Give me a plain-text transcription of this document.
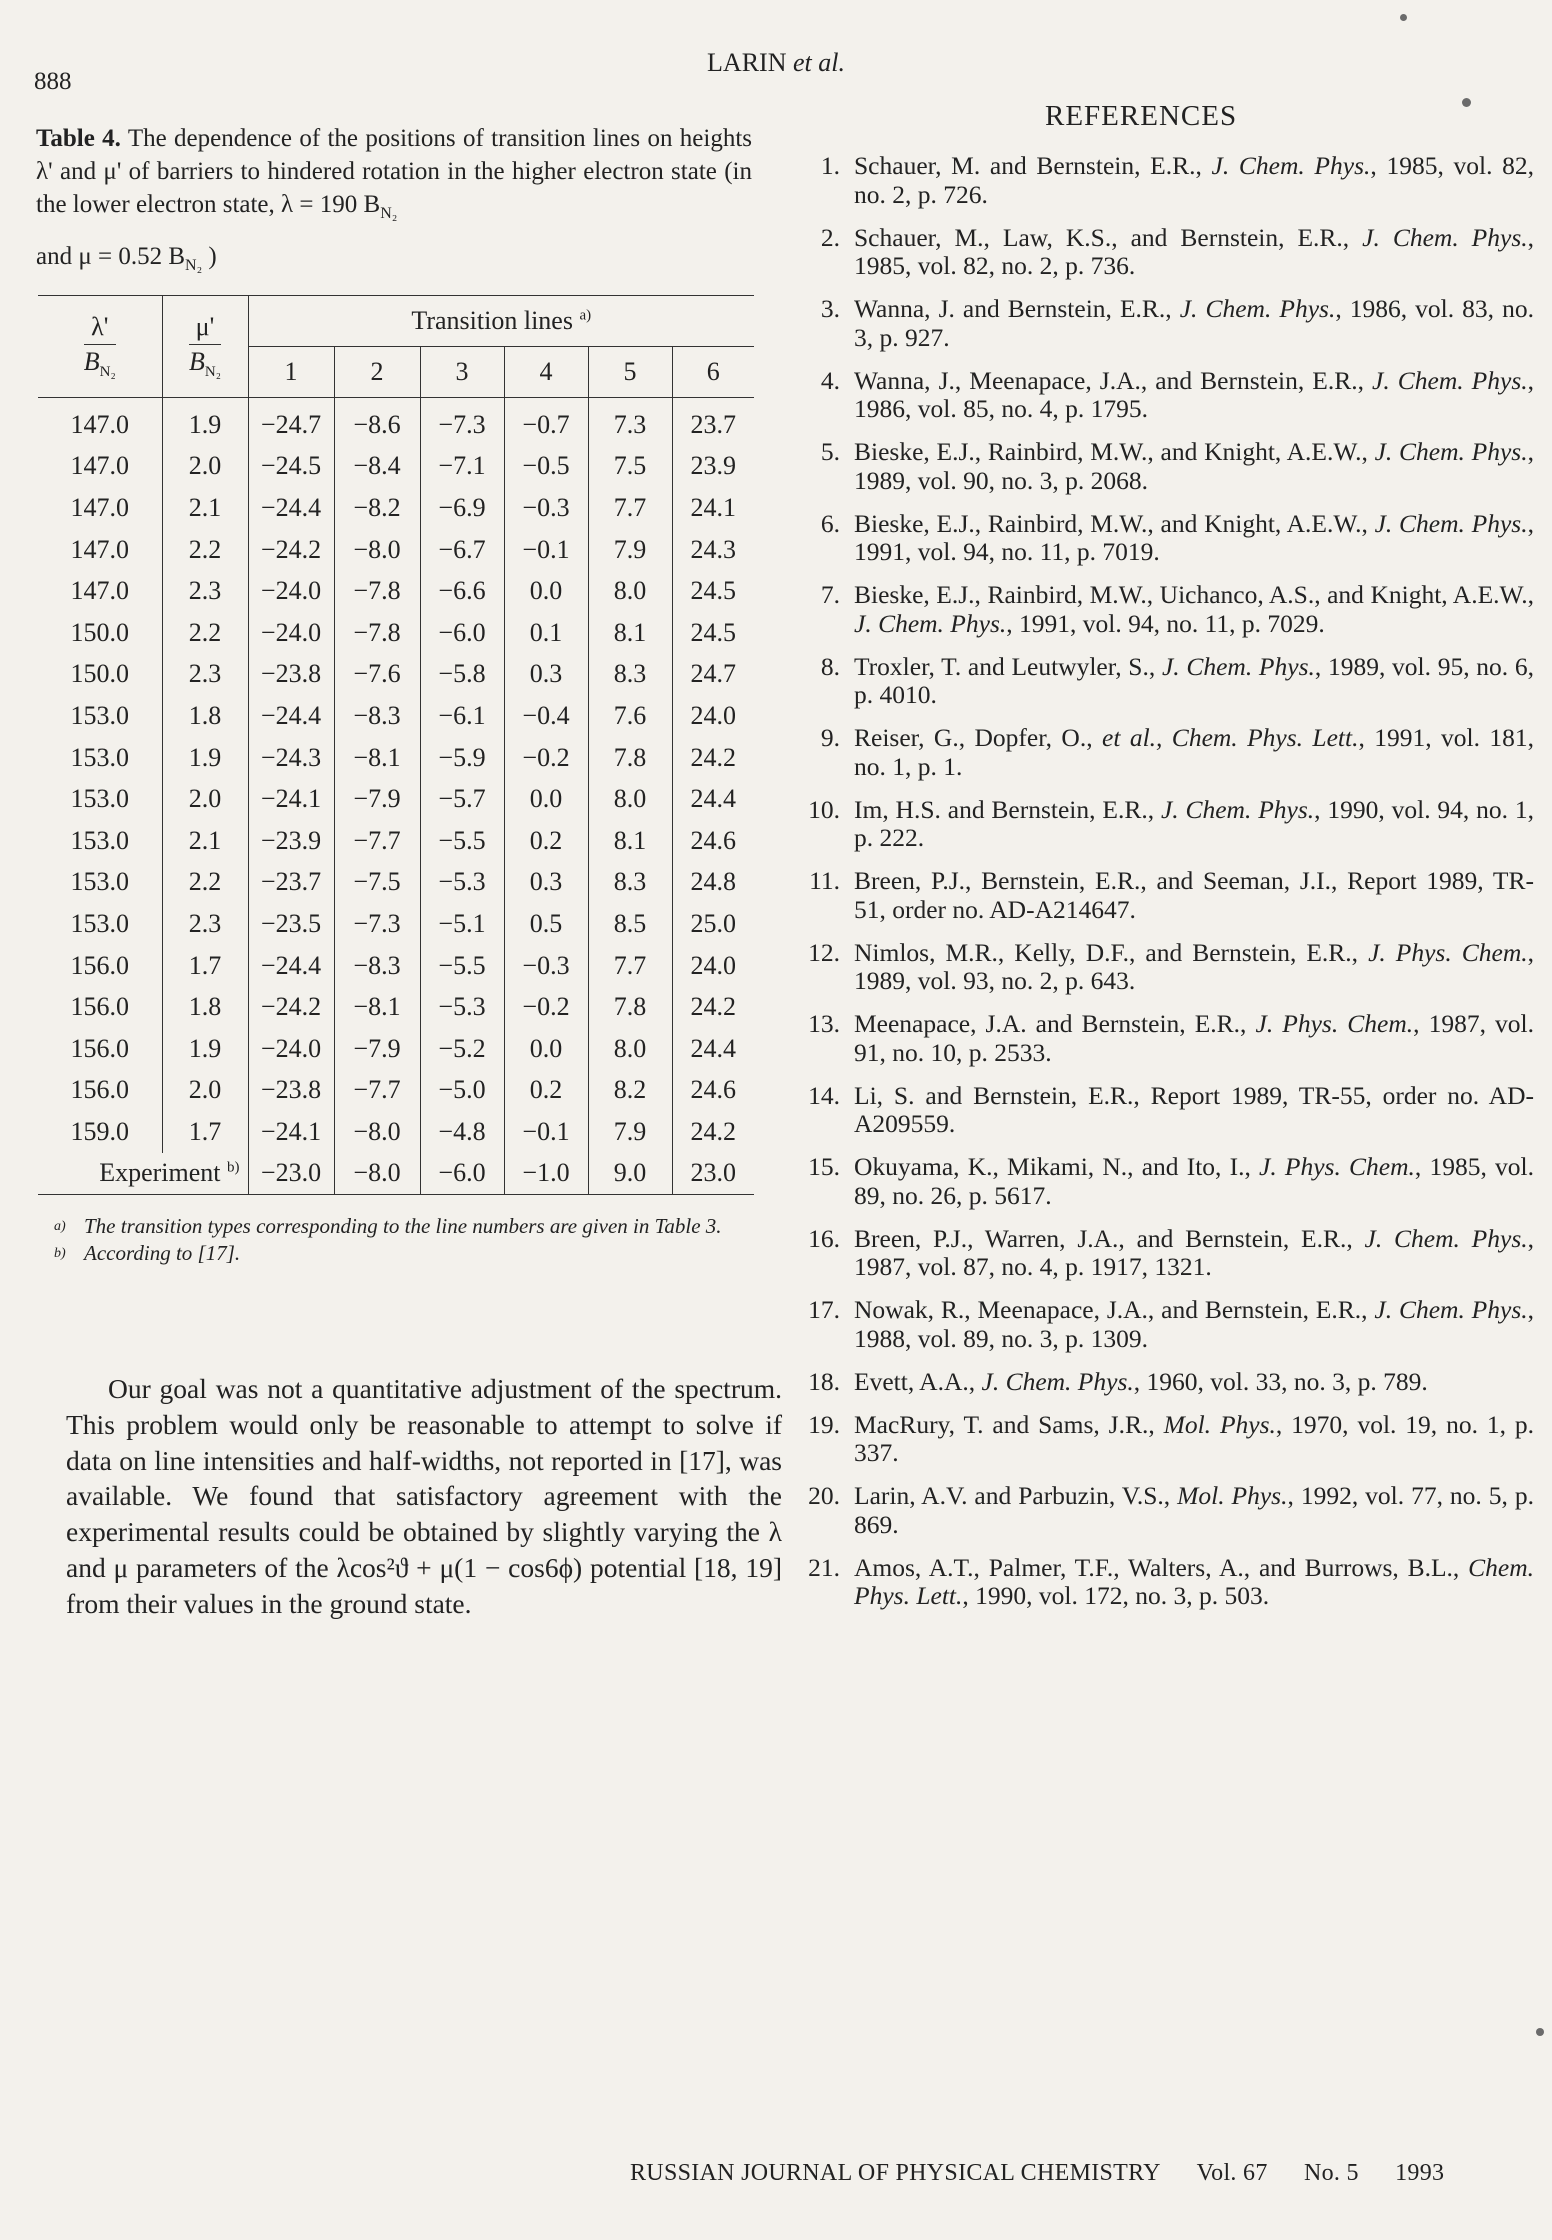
888
LARIN et al.
Table 4. The dependence of the positions of transition lines on heights λ' and μ' of barriers to hindered rotation in the higher electron state (in the lower electron state, λ = 190 $B_{N_2}$
and μ = 0.52 $B_{N_2}$ )
$\frac{\lambda'}{B_{N_2}}$	$\frac{\mu'}{B_{N_2}}$	Transition lines $^{a)}$
		1	2	3	4	5	6
147.0	1.9	−24.7	−8.6	−7.3	−0.7	7.3	23.7
147.0	2.0	−24.5	−8.4	−7.1	−0.5	7.5	23.9
147.0	2.1	−24.4	−8.2	−6.9	−0.3	7.7	24.1
147.0	2.2	−24.2	−8.0	−6.7	−0.1	7.9	24.3
147.0	2.3	−24.0	−7.8	−6.6	0.0	8.0	24.5
150.0	2.2	−24.0	−7.8	−6.0	0.1	8.1	24.5
150.0	2.3	−23.8	−7.6	−5.8	0.3	8.3	24.7
153.0	1.8	−24.4	−8.3	−6.1	−0.4	7.6	24.0
153.0	1.9	−24.3	−8.1	−5.9	−0.2	7.8	24.2
153.0	2.0	−24.1	−7.9	−5.7	0.0	8.0	24.4
153.0	2.1	−23.9	−7.7	−5.5	0.2	8.1	24.6
153.0	2.2	−23.7	−7.5	−5.3	0.3	8.3	24.8
153.0	2.3	−23.5	−7.3	−5.1	0.5	8.5	25.0
156.0	1.7	−24.4	−8.3	−5.5	−0.3	7.7	24.0
156.0	1.8	−24.2	−8.1	−5.3	−0.2	7.8	24.2
156.0	1.9	−24.0	−7.9	−5.2	0.0	8.0	24.4
156.0	2.0	−23.8	−7.7	−5.0	0.2	8.2	24.6
159.0	1.7	−24.1	−8.0	−4.8	−0.1	7.9	24.2
Experiment $^{b)}$		−23.0	−8.0	−6.0	−1.0	9.0	23.0
a) The transition types corresponding to the line numbers are given in Table 3.
b) According to [17].
Our goal was not a quantitative adjustment of the spectrum. This problem would only be reasonable to attempt to solve if data on line intensities and half-widths, not reported in [17], was available. We found that satisfactory agreement with the experimental results could be obtained by slightly varying the λ and μ parameters of the λcos²ϑ + μ(1 − cos6ϕ) potential [18, 19] from their values in the ground state.
REFERENCES
1. Schauer, M. and Bernstein, E.R., J. Chem. Phys., 1985, vol. 82, no. 2, p. 726.
2. Schauer, M., Law, K.S., and Bernstein, E.R., J. Chem. Phys., 1985, vol. 82, no. 2, p. 736.
3. Wanna, J. and Bernstein, E.R., J. Chem. Phys., 1986, vol. 83, no. 3, p. 927.
4. Wanna, J., Meenapace, J.A., and Bernstein, E.R., J. Chem. Phys., 1986, vol. 85, no. 4, p. 1795.
5. Bieske, E.J., Rainbird, M.W., and Knight, A.E.W., J. Chem. Phys., 1989, vol. 90, no. 3, p. 2068.
6. Bieske, E.J., Rainbird, M.W., and Knight, A.E.W., J. Chem. Phys., 1991, vol. 94, no. 11, p. 7019.
7. Bieske, E.J., Rainbird, M.W., Uichanco, A.S., and Knight, A.E.W., J. Chem. Phys., 1991, vol. 94, no. 11, p. 7029.
8. Troxler, T. and Leutwyler, S., J. Chem. Phys., 1989, vol. 95, no. 6, p. 4010.
9. Reiser, G., Dopfer, O., et al., Chem. Phys. Lett., 1991, vol. 181, no. 1, p. 1.
10. Im, H.S. and Bernstein, E.R., J. Chem. Phys., 1990, vol. 94, no. 1, p. 222.
11. Breen, P.J., Bernstein, E.R., and Seeman, J.I., Report 1989, TR-51, order no. AD-A214647.
12. Nimlos, M.R., Kelly, D.F., and Bernstein, E.R., J. Phys. Chem., 1989, vol. 93, no. 2, p. 643.
13. Meenapace, J.A. and Bernstein, E.R., J. Phys. Chem., 1987, vol. 91, no. 10, p. 2533.
14. Li, S. and Bernstein, E.R., Report 1989, TR-55, order no. AD-A209559.
15. Okuyama, K., Mikami, N., and Ito, I., J. Phys. Chem., 1985, vol. 89, no. 26, p. 5617.
16. Breen, P.J., Warren, J.A., and Bernstein, E.R., J. Chem. Phys., 1987, vol. 87, no. 4, p. 1917, 1321.
17. Nowak, R., Meenapace, J.A., and Bernstein, E.R., J. Chem. Phys., 1988, vol. 89, no. 3, p. 1309.
18. Evett, A.A., J. Chem. Phys., 1960, vol. 33, no. 3, p. 789.
19. MacRury, T. and Sams, J.R., Mol. Phys., 1970, vol. 19, no. 1, p. 337.
20. Larin, A.V. and Parbuzin, V.S., Mol. Phys., 1992, vol. 77, no. 5, p. 869.
21. Amos, A.T., Palmer, T.F., Walters, A., and Burrows, B.L., Chem. Phys. Lett., 1990, vol. 172, no. 3, p. 503.
RUSSIAN JOURNAL OF PHYSICAL CHEMISTRY Vol. 67 No. 5 1993
